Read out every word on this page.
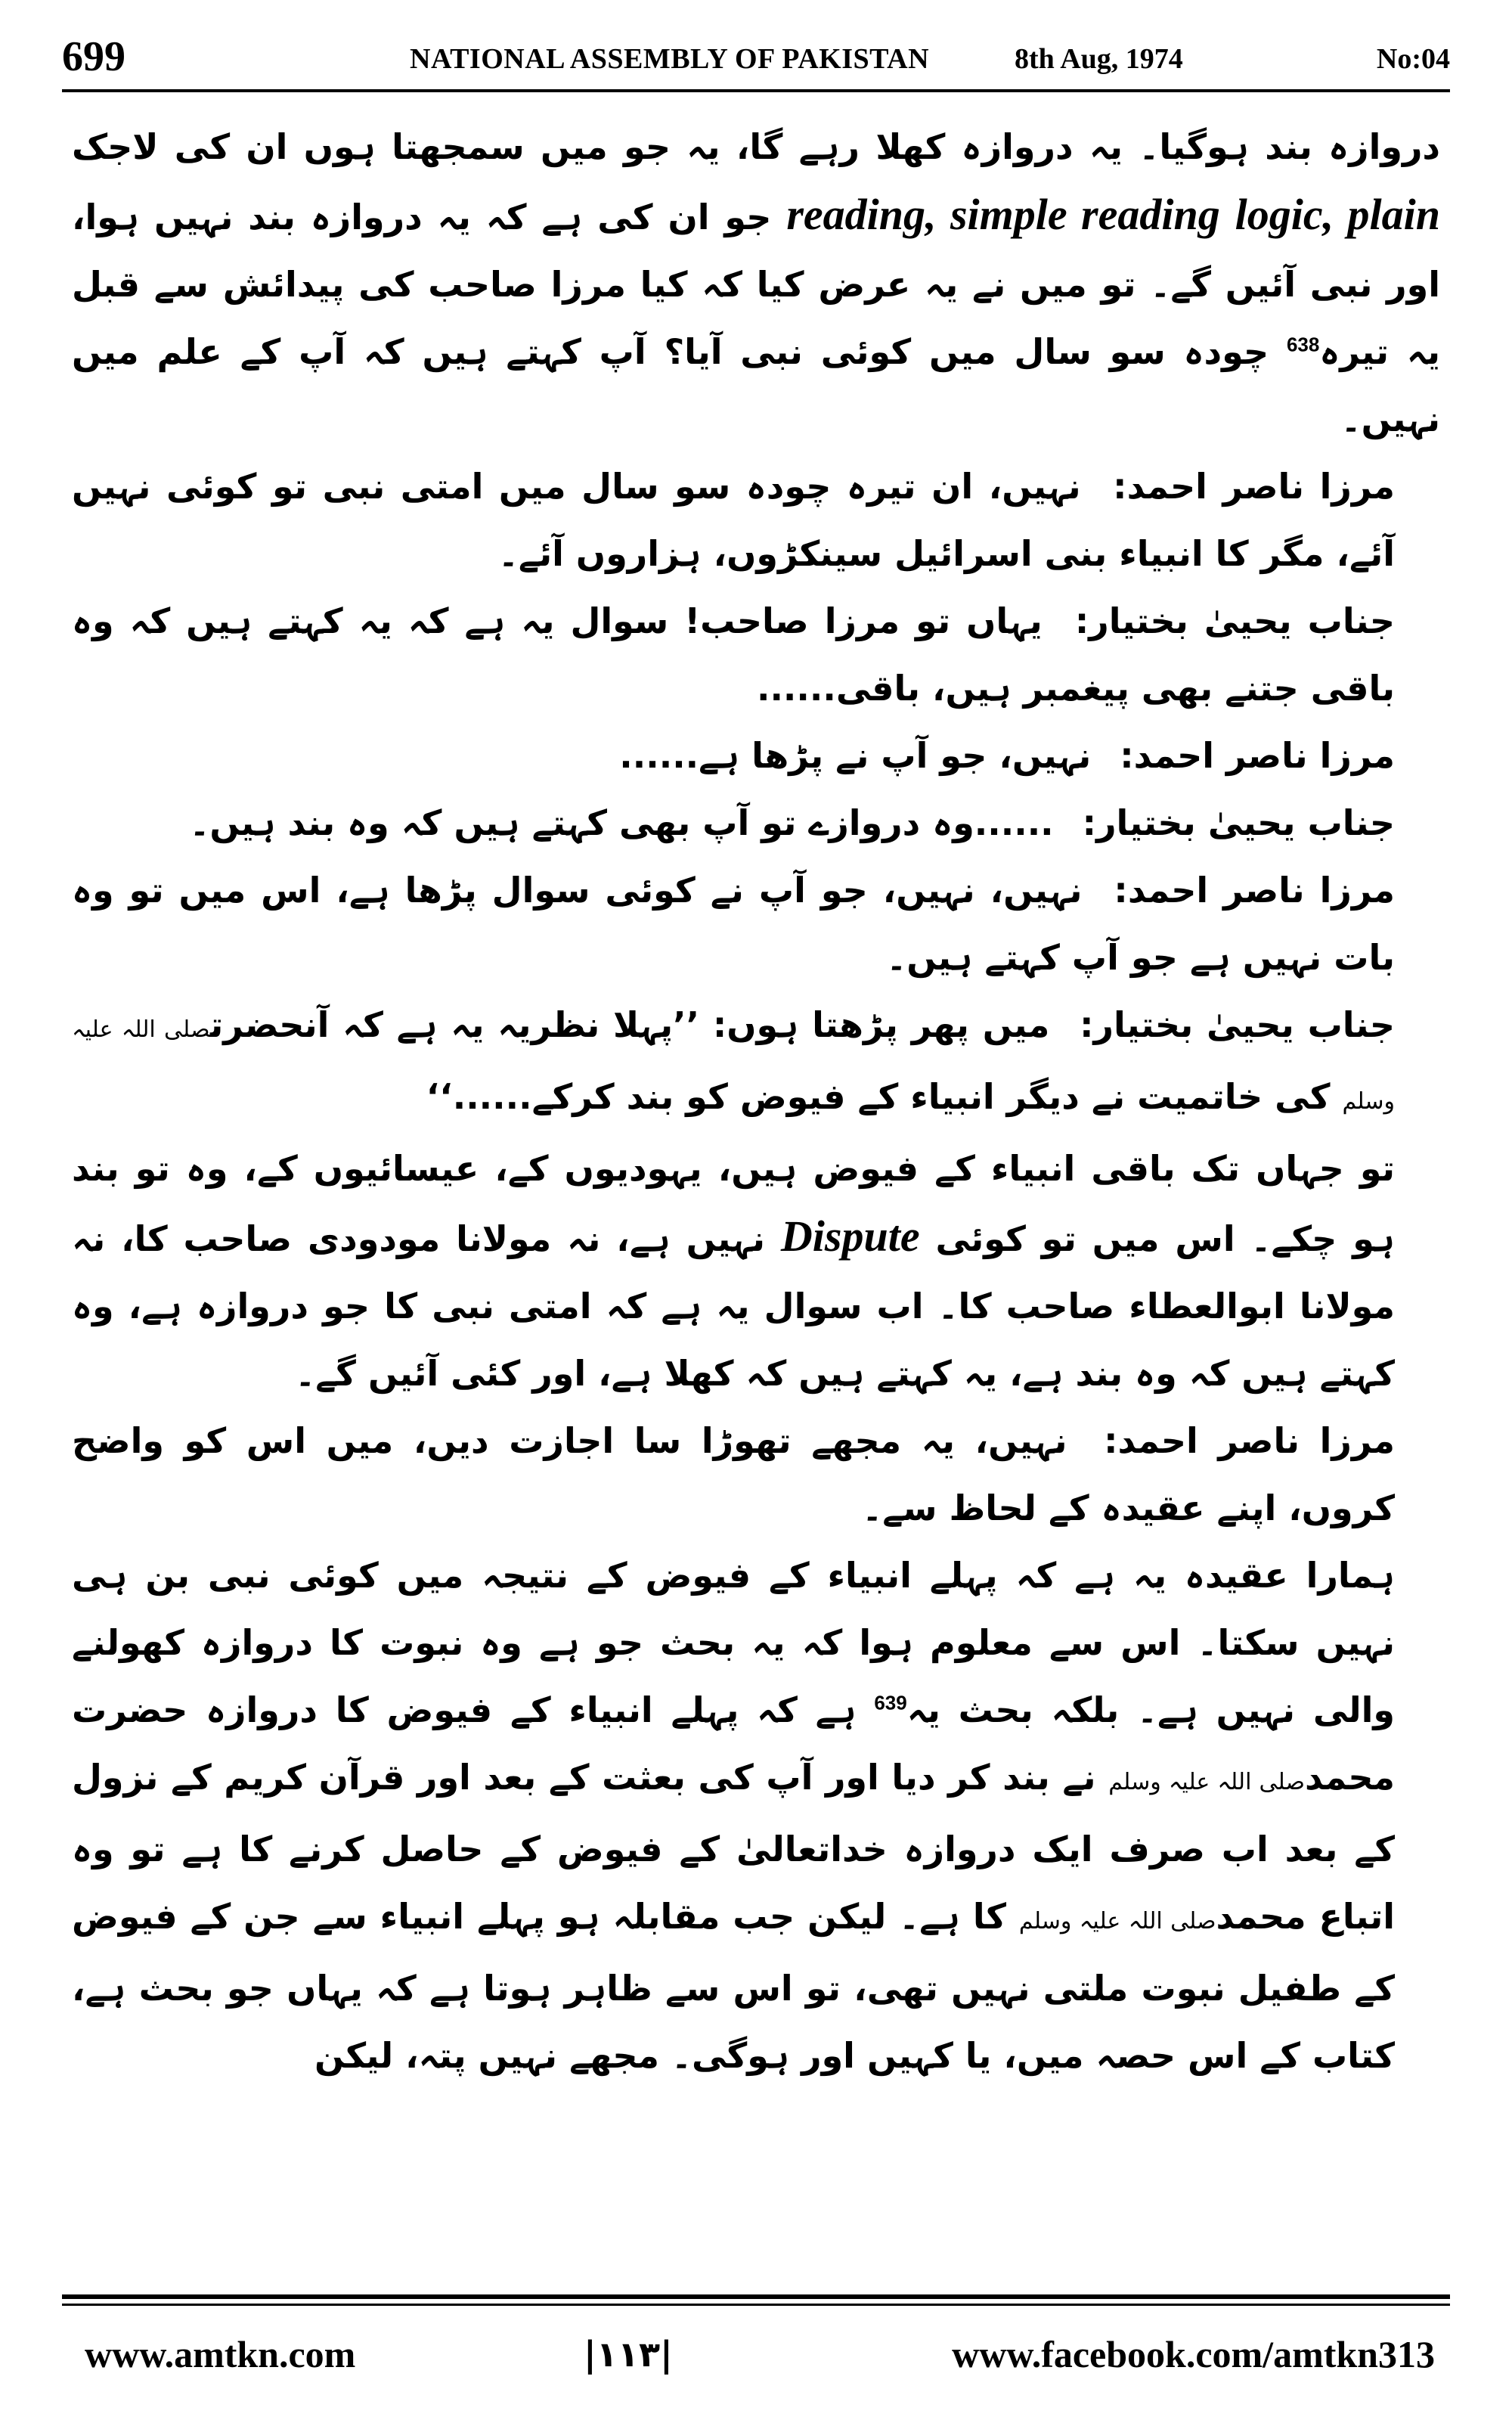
699	NATIONAL ASSEMBLY OF PAKISTAN	8th Aug, 1974	No:04

دروازہ بند ہوگیا۔ یہ دروازہ کھلا رہے گا، یہ جو میں سمجھتا ہوں ان کی لاجک logic, plain reading, simple reading جو ان کی ہے کہ یہ دروازہ بند نہیں ہوا، اور نبی آئیں گے۔ تو میں نے یہ عرض کیا کہ کیا مرزا صاحب کی پیدائش سے قبل یہ تیرہ$^{638}$ چودہ سو سال میں کوئی نبی آیا؟ آپ کہتے ہیں کہ آپ کے علم میں نہیں۔

مرزا ناصر احمد: نہیں، ان تیرہ چودہ سو سال میں امتی نبی تو کوئی نہیں آئے، مگر کا انبیاء بنی اسرائیل سینکڑوں، ہزاروں آئے۔

جناب یحییٰ بختیار: یہاں تو مرزا صاحب! سوال یہ ہے کہ یہ کہتے ہیں کہ وہ باقی جتنے بھی پیغمبر ہیں، باقی......

مرزا ناصر احمد: نہیں، جو آپ نے پڑھا ہے......

جناب یحییٰ بختیار: ......وہ دروازے تو آپ بھی کہتے ہیں کہ وہ بند ہیں۔

مرزا ناصر احمد: نہیں، نہیں، جو آپ نے کوئی سوال پڑھا ہے، اس میں تو وہ بات نہیں ہے جو آپ کہتے ہیں۔

جناب یحییٰ بختیار: میں پھر پڑھتا ہوں: ’’پہلا نظریہ یہ ہے کہ آنحضرتصلی اللہ علیہ وسلم کی خاتمیت نے دیگر انبیاء کے فیوض کو بند کرکے......‘‘

تو جہاں تک باقی انبیاء کے فیوض ہیں، یہودیوں کے، عیسائیوں کے، وہ تو بند ہو چکے۔ اس میں تو کوئی Dispute نہیں ہے، نہ مولانا مودودی صاحب کا، نہ مولانا ابوالعطاء صاحب کا۔ اب سوال یہ ہے کہ امتی نبی کا جو دروازہ ہے، وہ کہتے ہیں کہ وہ بند ہے، یہ کہتے ہیں کہ کھلا ہے، اور کئی آئیں گے۔

مرزا ناصر احمد: نہیں، یہ مجھے تھوڑا سا اجازت دیں، میں اس کو واضح کروں، اپنے عقیدہ کے لحاظ سے۔

ہمارا عقیدہ یہ ہے کہ پہلے انبیاء کے فیوض کے نتیجہ میں کوئی نبی بن ہی نہیں سکتا۔ اس سے معلوم ہوا کہ یہ بحث جو ہے وہ نبوت کا دروازہ کھولنے والی نہیں ہے۔ بلکہ بحث یہ$^{639}$ ہے کہ پہلے انبیاء کے فیوض کا دروازہ حضرت محمدصلی اللہ علیہ وسلم نے بند کر دیا اور آپ کی بعثت کے بعد اور قرآن کریم کے نزول کے بعد اب صرف ایک دروازہ خداتعالیٰ کے فیوض کے حاصل کرنے کا ہے تو وہ اتباع محمدصلی اللہ علیہ وسلم کا ہے۔ لیکن جب مقابلہ ہو پہلے انبیاء سے جن کے فیوض کے طفیل نبوت ملتی نہیں تھی، تو اس سے ظاہر ہوتا ہے کہ یہاں جو بحث ہے، کتاب کے اس حصہ میں، یا کہیں اور ہوگی۔ مجھے نہیں پتہ، لیکن

www.amtkn.com	|۱۱۳|	www.facebook.com/amtkn313
